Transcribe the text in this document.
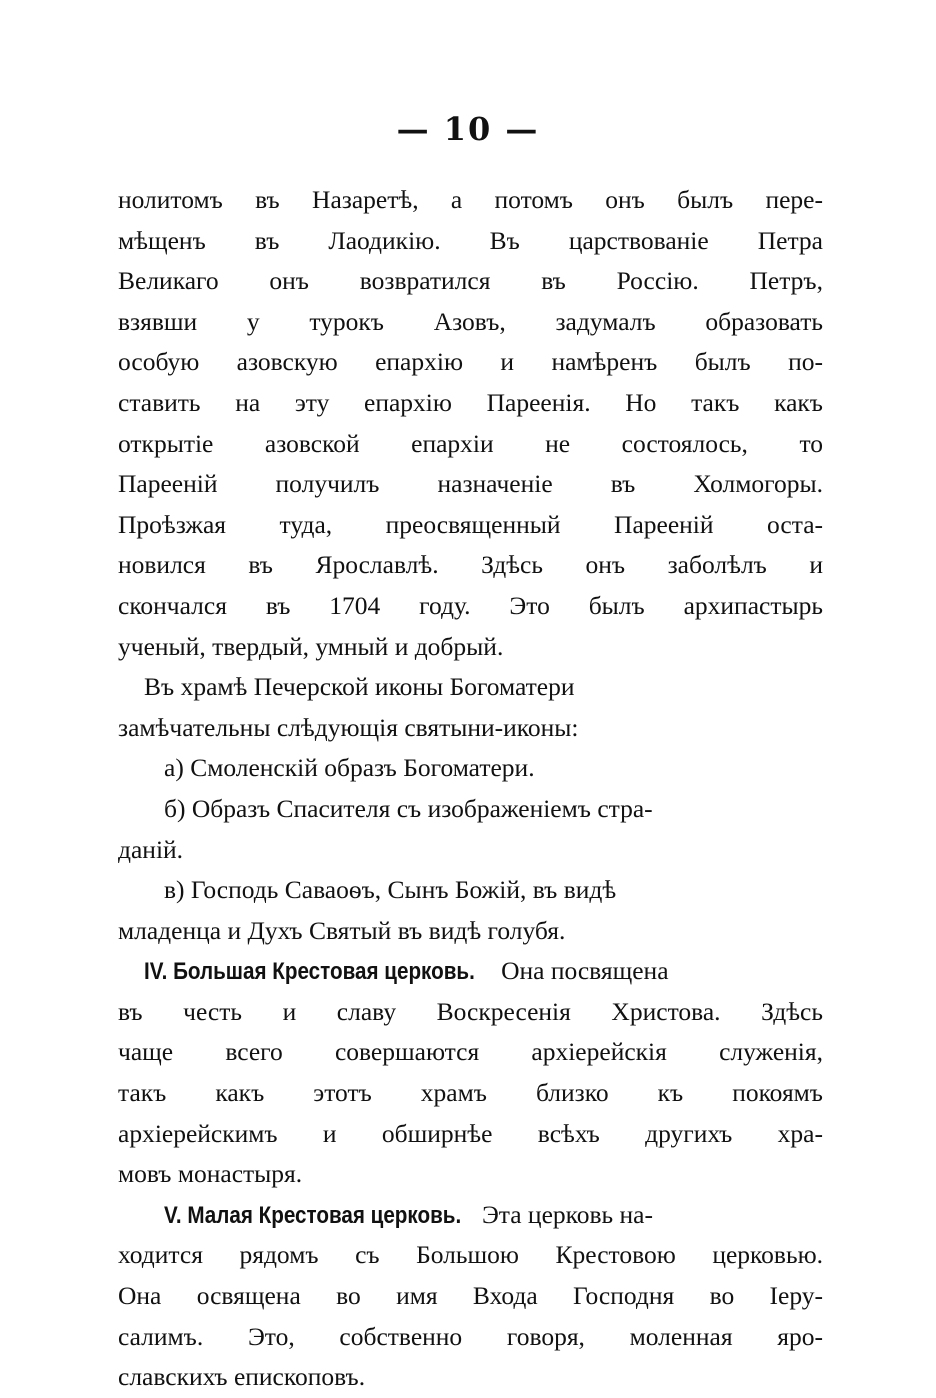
— 10 —
нолитомъ въ Назаретѣ, а потомъ онъ былъ пере-
мѣщенъ въ Лаодикію. Въ царствованіе Петра
Великаго онъ возвратился въ Россію. Петръ,
взявши у турокъ Азовъ, задумалъ образовать
особую азовскую епархію и намѣренъ былъ по-
ставить на эту епархію Пареенія. Но такъ какъ
открытіе азовской епархіи не состоялось, то
Пареенiй получилъ назначеніе въ Холмогоры.
Проѣзжая туда, преосвященный Пареенiй оста-
новился въ Ярославлѣ. Здѣсь онъ заболѣлъ и
скончался въ 1704 году. Это былъ архипастырь
ученый, твердый, умный и добрый.
Въ храмѣ Печерской иконы Богоматери
замѣчательны слѣдующія святыни-иконы:
а) Смоленскій образъ Богоматери.
б) Образъ Спасителя съ изображеніемъ стра-
даній.
в) Господь Саваоѳъ, Сынъ Божій, въ видѣ
младенца и Духъ Святый въ видѣ голубя.
IV. Большая Крестовая церковь. Она посвящена
въ честь и славу Воскресенія Христова. Здѣсь
чаще всего совершаются архіерейскія служенія,
такъ какъ этотъ храмъ близко къ покоямъ
архіерейскимъ и обширнѣе всѣхъ другихъ хра-
мовъ монастыря.
V. Малая Крестовая церковь. Эта церковь на-
ходится рядомъ съ Большою Крестовою церковью.
Она освящена во имя Входа Господня во Іеру-
салимъ. Это, собственно говоря, моленная яро-
славскихъ епископовъ.
